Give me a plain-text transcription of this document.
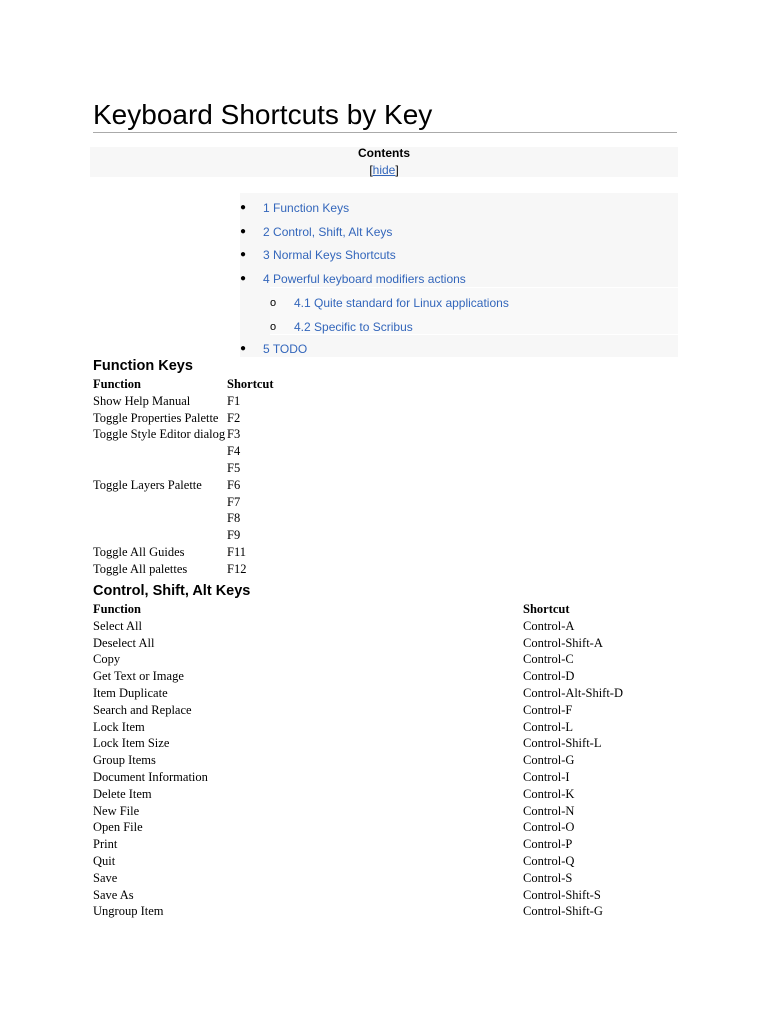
Keyboard Shortcuts by Key
Contents
[hide]
●	1 Function Keys
●	2 Control, Shift, Alt Keys
●	3 Normal Keys Shortcuts
●	4 Powerful keyboard modifiers actions
o 4.1 Quite standard for Linux applications
o 4.2 Specific to Scribus
●	5 TODO
Function Keys
Function	Shortcut
Show Help Manual	F1
Toggle Properties Palette	F2
Toggle Style Editor dialog	F3
	F4
	F5
Toggle Layers Palette	F6
	F7
	F8
	F9
Toggle All Guides	F11
Toggle All palettes	F12
Control, Shift, Alt Keys
Function	Shortcut
Select All	Control-A
Deselect All	Control-Shift-A
Copy	Control-C
Get Text or Image	Control-D
Item Duplicate	Control-Alt-Shift-D
Search and Replace	Control-F
Lock Item	Control-L
Lock Item Size	Control-Shift-L
Group Items	Control-G
Document Information	Control-I
Delete Item	Control-K
New File	Control-N
Open File	Control-O
Print	Control-P
Quit	Control-Q
Save	Control-S
Save As	Control-Shift-S
Ungroup Item	Control-Shift-G
